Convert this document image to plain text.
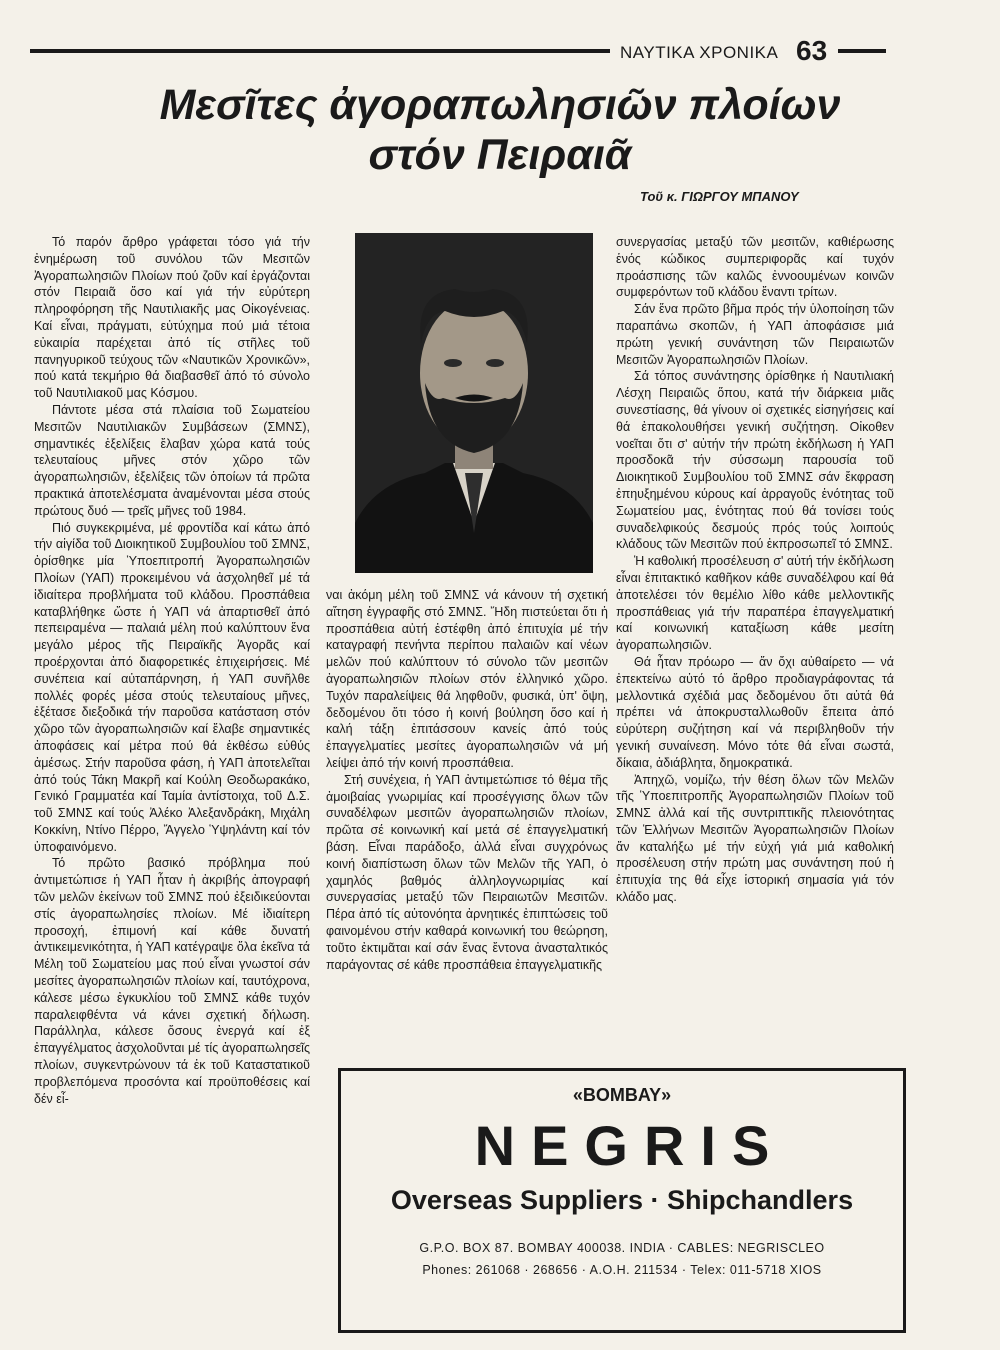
ΝΑΥΤΙΚΑ ΧΡΟΝΙΚΑ 63
Μεσῖτες ἀγοραπωλησιῶν πλοίων
στόν Πειραιᾶ
Τοῦ κ. ΓΙΩΡΓΟΥ ΜΠΑΝΟΥ

Τό παρόν ἄρθρο γράφεται τόσο γιά τήν ἐνημέρωση τοῦ συνόλου τῶν Μεσιτῶν Ἀγοραπωλησιῶν Πλοίων πού ζοῦν καί ἐργάζονται στόν Πειραιᾶ ὅσο καί γιά τήν εὐρύτερη πληροφόρηση τῆς Ναυτιλιακῆς μας Οἰκογένειας. Καί εἶναι, πράγματι, εὐτύχημα πού μιά τέτοια εὐκαιρία παρέχεται ἀπό τίς στῆλες τοῦ πανηγυρικοῦ τεύχους τῶν «Ναυτικῶν Χρονικῶν», πού κατά τεκμήριο θά διαβασθεῖ ἀπό τό σύνολο τοῦ Ναυτιλιακοῦ μας Κόσμου.

Πάντοτε μέσα στά πλαίσια τοῦ Σωματείου Μεσιτῶν Ναυτιλιακῶν Συμβάσεων (ΣΜΝΣ), σημαντικές ἐξελίξεις ἔλαβαν χώρα κατά τούς τελευταίους μῆνες στόν χῶρο τῶν ἀγοραπωλησιῶν, ἐξελίξεις τῶν ὁποίων τά πρῶτα πρακτικά ἀποτελέσματα ἀναμένονται μέσα στούς πρώτους δυό — τρεῖς μῆνες τοῦ 1984.

Πιό συγκεκριμένα, μέ φροντίδα καί κάτω ἀπό τήν αἰγίδα τοῦ Διοικητικοῦ Συμβουλίου τοῦ ΣΜΝΣ, ὁρίσθηκε μία Ὑποεπιτροπή Ἀγοραπωλησιῶν Πλοίων (ΥΑΠ) προκειμένου νά ἀσχοληθεῖ μέ τά ἰδιαίτερα προβλήματα τοῦ κλάδου. Προσπάθεια καταβλήθηκε ὥστε ἡ ΥΑΠ νά ἀπαρτισθεῖ ἀπό πεπειραμένα — παλαιά μέλη πού καλύπτουν ἕνα μεγάλο μέρος τῆς Πειραϊκῆς Ἀγορᾶς καί προέρχονται ἀπό διαφορετικές ἐπιχειρήσεις. Μέ συνέπεια καί αὐταπάρνηση, ἡ ΥΑΠ συνῆλθε πολλές φορές μέσα στούς τελευταίους μῆνες, ἐξέτασε διεξοδικά τήν παροῦσα κατάσταση στόν χῶρο τῶν ἀγοραπωλησιῶν καί ἔλαβε σημαντικές ἀποφάσεις καί μέτρα πού θά ἐκθέσω εὐθύς ἀμέσως. Στήν παροῦσα φάση, ἡ ΥΑΠ ἀποτελεῖται ἀπό τούς Τάκη Μακρῆ καί Κούλη Θεοδωρακάκο, Γενικό Γραμματέα καί Ταμία ἀντίστοιχα, τοῦ Δ.Σ. τοῦ ΣΜΝΣ καί τούς Ἀλέκο Ἀλεξανδράκη, Μιχάλη Κοκκίνη, Ντίνο Πέρρο, Ἄγγελο Ὑψηλάντη καί τόν ὑποφαινόμενο.

Τό πρῶτο βασικό πρόβλημα πού ἀντιμετώπισε ἡ ΥΑΠ ἦταν ἡ ἀκριβής ἀπογραφή τῶν μελῶν ἐκείνων τοῦ ΣΜΝΣ πού ἐξειδικεύονται στίς ἀγοραπωλησίες πλοίων. Μέ ἰδιαίτερη προσοχή, ἐπιμονή καί κάθε δυνατή ἀντικειμενικότητα, ἡ ΥΑΠ κατέγραψε ὅλα ἐκεῖνα τά Μέλη τοῦ Σωματείου μας πού εἶναι γνωστοί σάν μεσίτες ἀγοραπωλησιῶν πλοίων καί, ταυτόχρονα, κάλεσε μέσω ἐγκυκλίου τοῦ ΣΜΝΣ κάθε τυχόν παραλειφθέντα νά κάνει σχετική δήλωση. Παράλληλα, κάλεσε ὅσους ἐνεργά καί ἐξ ἐπαγγέλματος ἀσχολοῦνται μέ τίς ἀγοραπωλησεῖς πλοίων, συγκεντρώνουν τά ἐκ τοῦ Καταστατικοῦ προβλεπόμενα προσόντα καί προϋποθέσεις καί δέν εἶ-

ναι ἀκόμη μέλη τοῦ ΣΜΝΣ νά κάνουν τή σχετική αἴτηση ἐγγραφῆς στό ΣΜΝΣ. Ἤδη πιστεύεται ὅτι ἡ προσπάθεια αὐτή ἐστέφθη ἀπό ἐπιτυχία μέ τήν καταγραφή πενήντα περίπου παλαιῶν καί νέων μελῶν πού καλύπτουν τό σύνολο τῶν μεσιτῶν ἀγοραπωλησιῶν πλοίων στόν ἑλληνικό χῶρο. Τυχόν παραλείψεις θά ληφθοῦν, φυσικά, ὑπ' ὄψη, δεδομένου ὅτι τόσο ἡ κοινή βούληση ὅσο καί ἡ καλή τάξη ἐπιτάσσουν κανείς ἀπό τούς ἐπαγγελματίες μεσίτες ἀγοραπωλησιῶν νά μή λείψει ἀπό τήν κοινή προσπάθεια.

Στή συνέχεια, ἡ ΥΑΠ ἀντιμετώπισε τό θέμα τῆς ἀμοιβαίας γνωριμίας καί προσέγγισης ὅλων τῶν συναδέλφων μεσιτῶν ἀγοραπωλησιῶν πλοίων, πρῶτα σέ κοινωνική καί μετά σέ ἐπαγγελματική βάση. Εἶναι παράδοξο, ἀλλά εἶναι συγχρόνως κοινή διαπίστωση ὅλων τῶν Μελῶν τῆς ΥΑΠ, ὁ χαμηλός βαθμός ἀλληλογνωριμίας καί συνεργασίας μεταξύ τῶν Πειραιωτῶν Μεσιτῶν. Πέρα ἀπό τίς αὐτονόητα ἀρνητικές ἐπιπτώσεις τοῦ φαινομένου στήν καθαρά κοινωνική του θεώρηση, τοῦτο ἐκτιμᾶται καί σάν ἕνας ἔντονα ἀνασταλτικός παράγοντας σέ κάθε προσπάθεια ἐπαγγελματικῆς

συνεργασίας μεταξύ τῶν μεσιτῶν, καθιέρωσης ἑνός κώδικος συμπεριφορᾶς καί τυχόν προάσπισης τῶν καλῶς ἐννοουμένων κοινῶν συμφερόντων τοῦ κλάδου ἔναντι τρίτων.

Σάν ἕνα πρῶτο βῆμα πρός τήν ὑλοποίηση τῶν παραπάνω σκοπῶν, ἡ ΥΑΠ ἀποφάσισε μιά πρώτη γενική συνάντηση τῶν Πειραιωτῶν Μεσιτῶν Ἀγοραπωλησιῶν Πλοίων.

Σά τόπος συνάντησης ὁρίσθηκε ἡ Ναυτιλιακή Λέσχη Πειραιῶς ὅπου, κατά τήν διάρκεια μιᾶς συνεστίασης, θά γίνουν οἱ σχετικές εἰσηγήσεις καί θά ἐπακολουθήσει γενική συζήτηση. Οἰκοθεν νοεῖται ὅτι σ' αὐτήν τήν πρώτη ἐκδήλωση ἡ ΥΑΠ προσδοκᾶ τήν σύσσωμη παρουσία τοῦ Διοικητικοῦ Συμβουλίου τοῦ ΣΜΝΣ σάν ἔκφραση ἐπηυξημένου κύρους καί ἀρραγοῦς ἑνότητας τοῦ Σωματείου μας, ἑνότητας πού θά τονίσει τούς συναδελφικούς δεσμούς πρός τούς λοιπούς κλάδους τῶν Μεσιτῶν πού ἐκπροσωπεῖ τό ΣΜΝΣ.

Ἡ καθολική προσέλευση σ' αὐτή τήν ἐκδήλωση εἶναι ἐπιτακτικό καθῆκον κάθε συναδέλφου καί θά ἀποτελέσει τόν θεμέλιο λίθο κάθε μελλοντικῆς προσπάθειας γιά τήν παραπέρα ἐπαγγελματική καί κοινωνική καταξίωση κάθε μεσίτη ἀγοραπωλησιῶν.

Θά ἦταν πρόωρο — ἄν ὄχι αὐθαίρετο — νά ἐπεκτείνω αὐτό τό ἄρθρο προδιαγράφοντας τά μελλοντικά σχέδιά μας δεδομένου ὅτι αὐτά θά πρέπει νά ἀποκρυσταλλωθοῦν ἔπειτα ἀπό εὐρύτερη συζήτηση καί νά περιβληθοῦν τήν γενική συναίνεση. Μόνο τότε θά εἶναι σωστά, δίκαια, ἀδιάβλητα, δημοκρατικά.

Ἀπηχῶ, νομίζω, τήν θέση ὅλων τῶν Μελῶν τῆς Ὑποεπιτροπῆς Ἀγοραπωλησιῶν Πλοίων τοῦ ΣΜΝΣ ἀλλά καί τῆς συντριπτικῆς πλειονότητας τῶν Ἑλλήνων Μεσιτῶν Ἀγοραπωλησιῶν Πλοίων ἄν καταλήξω μέ τήν εὐχή γιά μιά καθολική προσέλευση στήν πρώτη μας συνάντηση πού ἡ ἐπιτυχία της θά εἶχε ἱστορική σημασία γιά τόν κλάδο μας.

«BOMBAY»
NEGRIS
Overseas Suppliers · Shipchandlers
G.P.O. BOX 87. BOMBAY 400038. INDIA · CABLES: NEGRISCLEO
Phones: 261068 · 268656 · A.O.H. 211534 · Telex: 011-5718 XIOS
